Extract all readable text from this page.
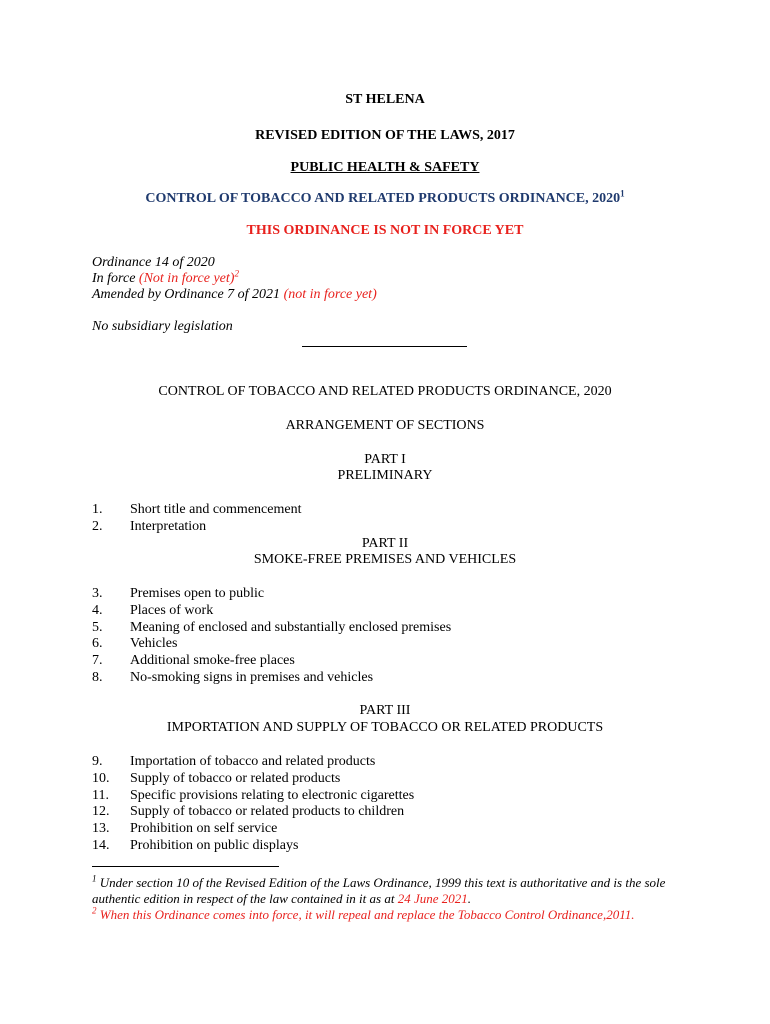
ST HELENA
REVISED EDITION OF THE LAWS, 2017
PUBLIC HEALTH & SAFETY
CONTROL OF TOBACCO AND RELATED PRODUCTS ORDINANCE, 2020$^1$
THIS ORDINANCE IS NOT IN FORCE YET
Ordinance 14 of 2020
In force (Not in force yet)$^2$
Amended by Ordinance 7 of 2021 (not in force yet)
No subsidiary legislation
CONTROL OF TOBACCO AND RELATED PRODUCTS ORDINANCE, 2020
ARRANGEMENT OF SECTIONS
PART I
PRELIMINARY
1. Short title and commencement
2. Interpretation
PART II
SMOKE-FREE PREMISES AND VEHICLES
3. Premises open to public
4. Places of work
5. Meaning of enclosed and substantially enclosed premises
6. Vehicles
7. Additional smoke-free places
8. No-smoking signs in premises and vehicles
PART III
IMPORTATION AND SUPPLY OF TOBACCO OR RELATED PRODUCTS
9. Importation of tobacco and related products
10. Supply of tobacco or related products
11. Specific provisions relating to electronic cigarettes
12. Supply of tobacco or related products to children
13. Prohibition on self service
14. Prohibition on public displays
$^1$ Under section 10 of the Revised Edition of the Laws Ordinance, 1999 this text is authoritative and is the sole authentic edition in respect of the law contained in it as at 24 June 2021.
$^2$ When this Ordinance comes into force, it will repeal and replace the Tobacco Control Ordinance,2011.
